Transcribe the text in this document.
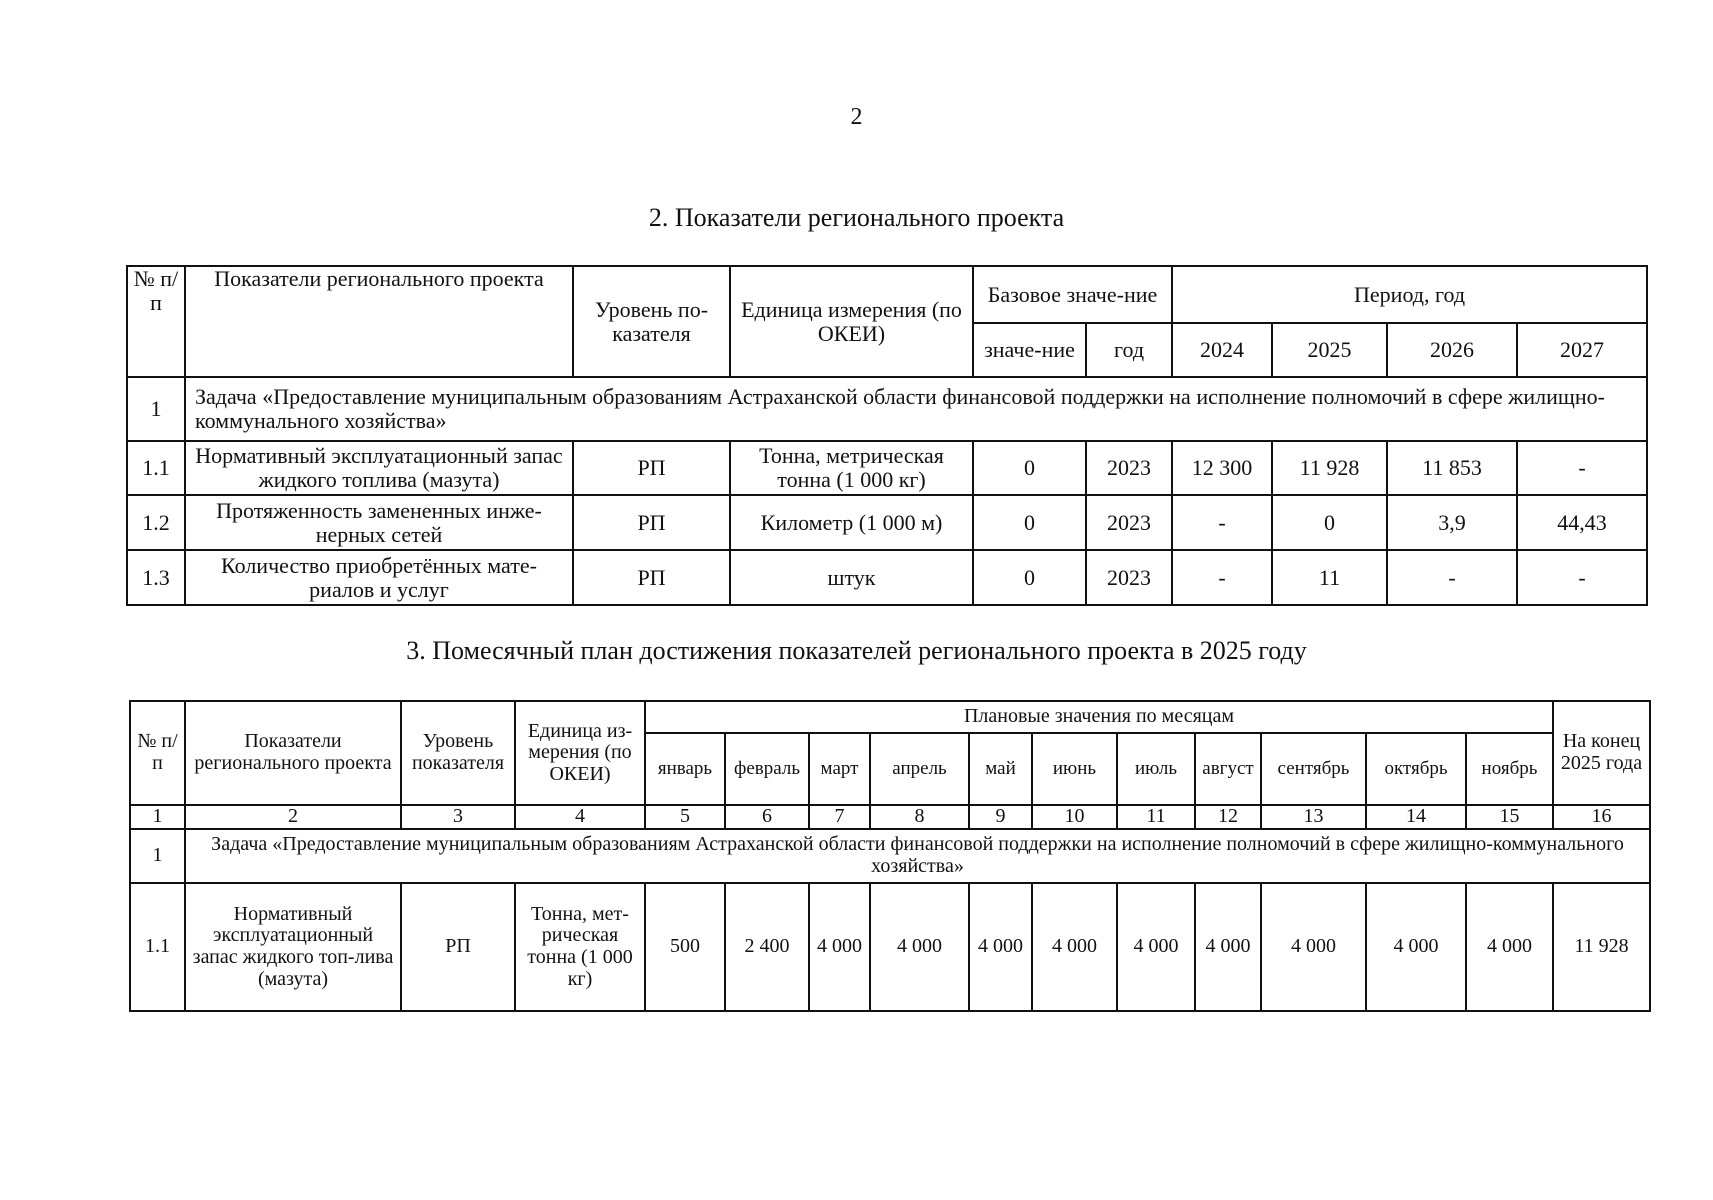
2
2. Показатели регионального проекта
№ п/п	Показатели регионального проекта	Уровень по-казателя	Единица измерения (по ОКЕИ)	Базовое значе-ние		Период, год			
				значе-ние	год	2024	2025	2026	2027
1	Задача «Предоставление муниципальным образованиям Астраханской области финансовой поддержки на исполнение полномочий в сфере жилищно-коммунального хозяйства»								
1.1	Нормативный эксплуатационный запас жидкого топлива (мазута)	РП	Тонна, метрическая тонна (1 000 кг)	0	2023	12 300	11 928	11 853	-
1.2	Протяженность замененных инже-нерных сетей	РП	Километр (1 000 м)	0	2023	-	0	3,9	44,43
1.3	Количество приобретённых мате-риалов и услуг	РП	штук	0	2023	-	11	-	-
3. Помесячный план достижения показателей регионального проекта в 2025 году
№ п/п	Показатели регионального проекта	Уровень показателя	Единица из-мерения (по ОКЕИ)	Плановые значения по месяцам											На конец 2025 года
				январь	февраль	март	апрель	май	июнь	июль	август	сентябрь	октябрь	ноябрь	
1	2	3	4	5	6	7	8	9	10	11	12	13	14	15	16
1	Задача «Предоставление муниципальным образованиям Астраханской области финансовой поддержки на исполнение полномочий в сфере жилищно-коммунального хозяйства»														
1.1	Нормативный эксплуатационный запас жидкого топ-лива (мазута)	РП	Тонна, мет-рическая тонна (1 000 кг)	500	2 400	4 000	4 000	4 000	4 000	4 000	4 000	4 000	4 000	4 000	11 928
